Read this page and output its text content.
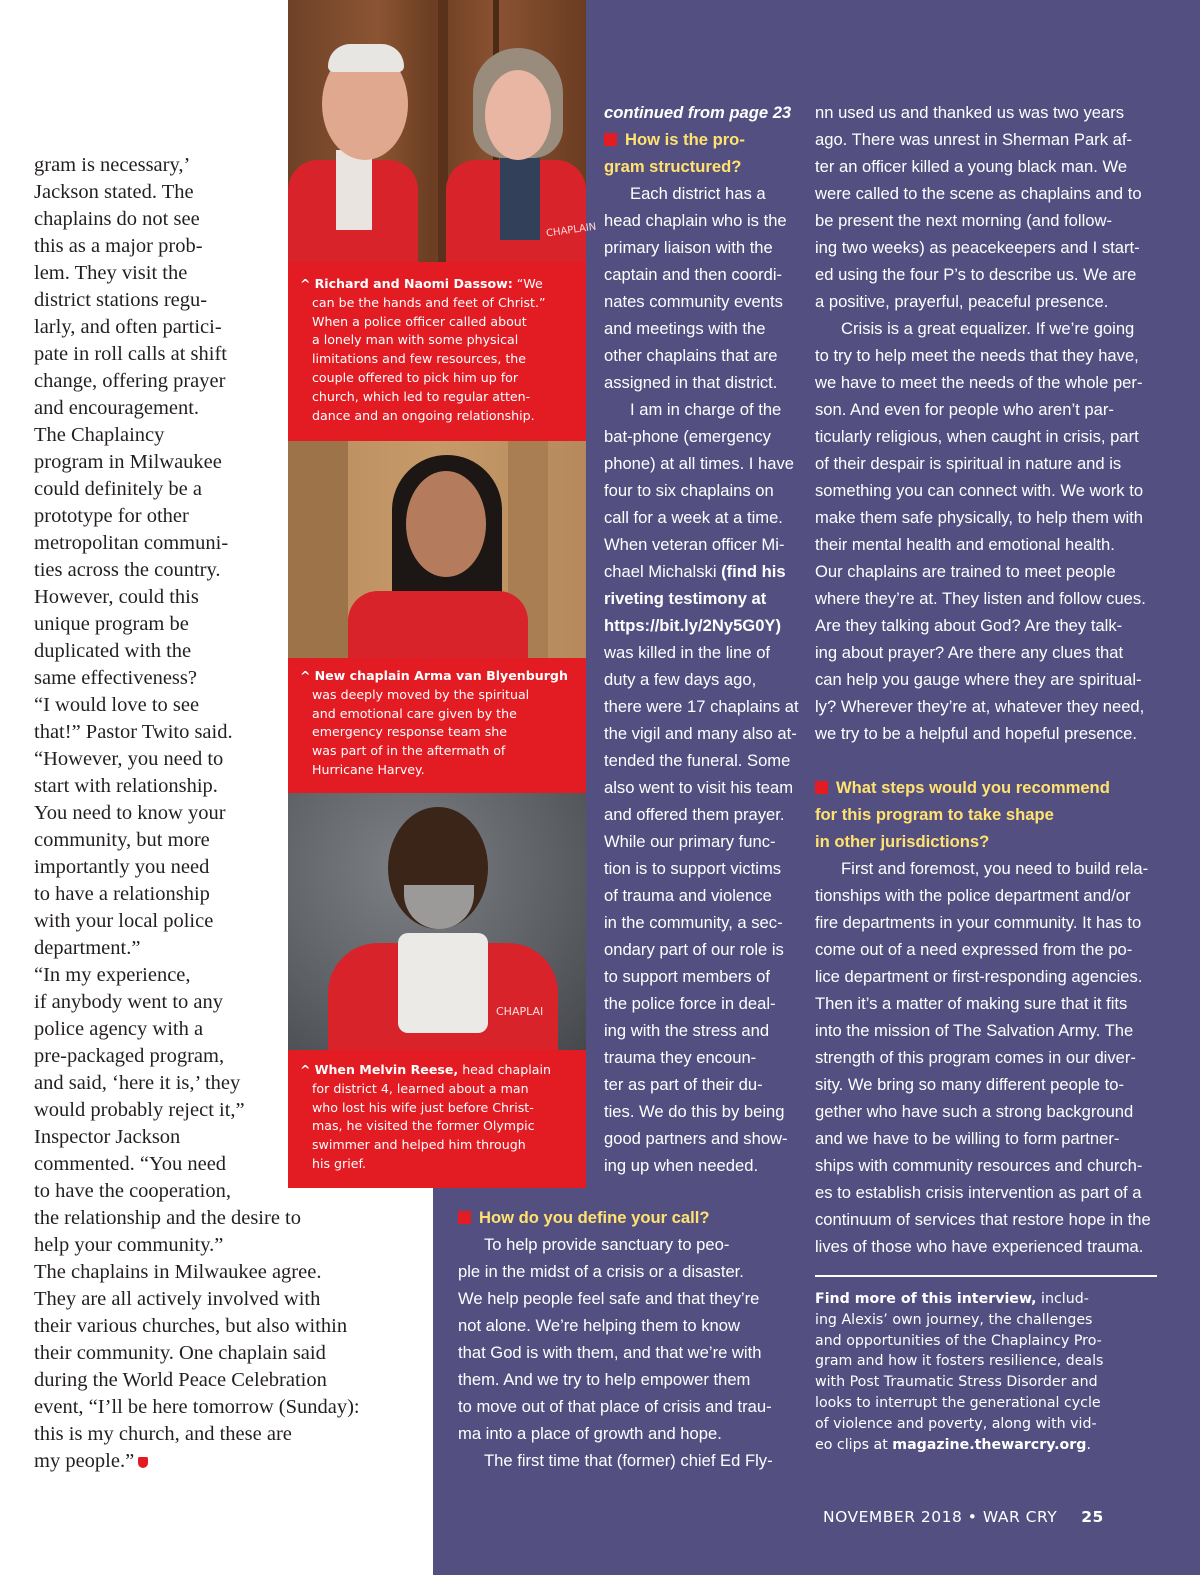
gram is necessary,’
Jackson stated. The
chaplains do not see
this as a major prob-
lem. They visit the
district stations regu-
larly, and often partici-
pate in roll calls at shift
change, offering prayer
and encouragement.

The Chaplaincy
program in Milwaukee
could definitely be a
prototype for other
metropolitan communi-
ties across the country.
However, could this
unique program be
duplicated with the
same effectiveness?

“I would love to see
that!” Pastor Twito said.
“However, you need to
start with relationship.
You need to know your
community, but more
importantly you need
to have a relationship
with your local police
department.”

“In my experience,
if anybody went to any
police agency with a
pre-packaged program,
and said, ‘here it is,’ they
would probably reject it,”
Inspector Jackson
commented. “You need
to have the cooperation,
the relationship and the desire to
help your community.”

The chaplains in Milwaukee agree.
They are all actively involved with
their various churches, but also within
their community. One chaplain said
during the World Peace Celebration
event, “I’ll be here tomorrow (Sunday):
this is my church, and these are
my people.”

CHAPLAIN

^ Richard and Naomi Dassow: “We
can be the hands and feet of Christ.”
When a police officer called about
a lonely man with some physical
limitations and few resources, the
couple offered to pick him up for
church, which led to regular atten-
dance and an ongoing relationship.

^ New chaplain Arma van Blyenburgh
was deeply moved by the spiritual
and emotional care given by the
emergency response team she
was part of in the aftermath of
Hurricane Harvey.

CHAPLAI

^ When Melvin Reese, head chaplain
for district 4, learned about a man
who lost his wife just before Christ-
mas, he visited the former Olympic
swimmer and helped him through
his grief.

continued from page 23

How is the pro-
gram structured?

Each district has a
head chaplain who is the
primary liaison with the
captain and then coordi-
nates community events
and meetings with the
other chaplains that are
assigned in that district.

I am in charge of the
bat-phone (emergency
phone) at all times. I have
four to six chaplains on
call for a week at a time.
When veteran officer Mi-
chael Michalski (find his
riveting testimony at
https://bit.ly/2Ny5G0Y)
was killed in the line of
duty a few days ago,
there were 17 chaplains at
the vigil and many also at-
tended the funeral. Some
also went to visit his team
and offered them prayer.
While our primary func-
tion is to support victims
of trauma and violence
in the community, a sec-
ondary part of our role is
to support members of
the police force in deal-
ing with the stress and
trauma they encoun-
ter as part of their du-
ties. We do this by being
good partners and show-
ing up when needed.

How do you define your call?

To help provide sanctuary to peo-
ple in the midst of a crisis or a disaster.
We help people feel safe and that they’re
not alone. We’re helping them to know
that God is with them, and that we’re with
them. And we try to help empower them
to move out of that place of crisis and trau-
ma into a place of growth and hope.

The first time that (former) chief Ed Fly-

nn used us and thanked us was two years
ago. There was unrest in Sherman Park af-
ter an officer killed a young black man. We
were called to the scene as chaplains and to
be present the next morning (and follow-
ing two weeks) as peacekeepers and I start-
ed using the four P’s to describe us. We are
a positive, prayerful, peaceful presence.

Crisis is a great equalizer. If we’re going
to try to help meet the needs that they have,
we have to meet the needs of the whole per-
son. And even for people who aren’t par-
ticularly religious, when caught in crisis, part
of their despair is spiritual in nature and is
something you can connect with. We work to
make them safe physically, to help them with
their mental health and emotional health.
Our chaplains are trained to meet people
where they’re at. They listen and follow cues.
Are they talking about God? Are they talk-
ing about prayer? Are there any clues that
can help you gauge where they are spiritual-
ly? Wherever they’re at, whatever they need,
we try to be a helpful and hopeful presence.

What steps would you recommend
for this program to take shape
in other jurisdictions?

First and foremost, you need to build rela-
tionships with the police department and/or
fire departments in your community. It has to
come out of a need expressed from the po-
lice department or first-responding agencies.
Then it’s a matter of making sure that it fits
into the mission of The Salvation Army. The
strength of this program comes in our diver-
sity. We bring so many different people to-
gether who have such a strong background
and we have to be willing to form partner-
ships with community resources and church-
es to establish crisis intervention as part of a
continuum of services that restore hope in the
lives of those who have experienced trauma.

Find more of this interview, includ-
ing Alexis’ own journey, the challenges
and opportunities of the Chaplaincy Pro-
gram and how it fosters resilience, deals
with Post Traumatic Stress Disorder and
looks to interrupt the generational cycle
of violence and poverty, along with vid-
eo clips at magazine.thewarcry.org.
NOVEMBER 2018 • WAR CRY 25
